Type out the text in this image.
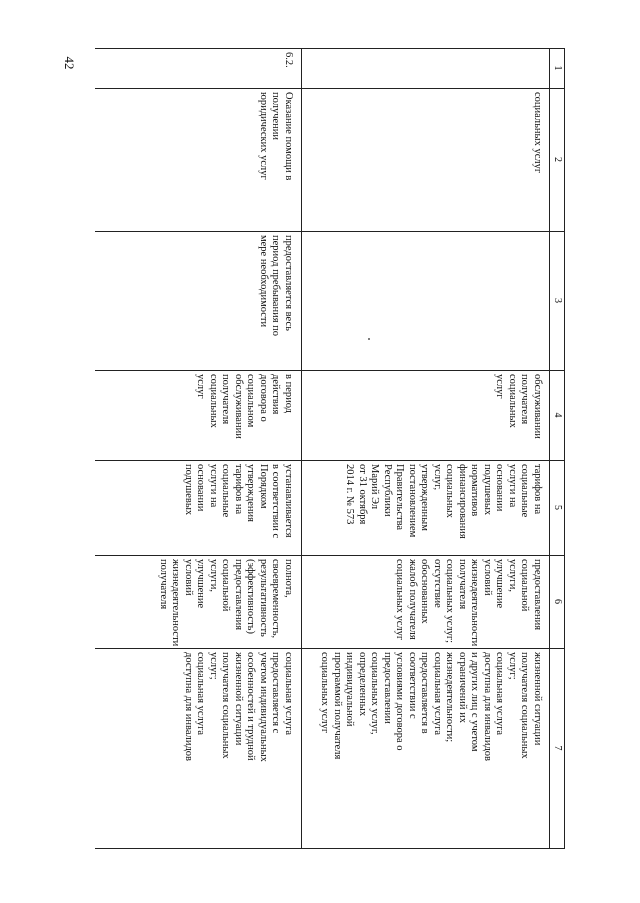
42	1
2
3
4
5
6
7
социальных услуг
обслуживании
получателя
социальных
услуг
тарифов на
социальные
услуги на
основании
подушевых
нормативов
финансирования
социальных
услуг,
утвержденным
постановлением
Правительства
Республики
Марий Эл
от 31 октября
2014 г. № 573
предоставления
социальной услуги,
улучшение условий
жизнедеятельности
получателя
социальных услуг;
отсутствие
обоснованных
жалоб получателя
социальных услуг
жизненной ситуации
получателя социальных
услуг;
социальная услуга
доступна для инвалидов
и других лиц с учетом
ограничений их
жизнедеятельности;
социальная услуга
предоставляется в
соответствии с
условиями договора о
предоставлении
социальных услуг,
определенных
индивидуальной
программой получателя
социальных услуг
6.2.
Оказание помощи в
получении
юридических услуг
предоставляется весь
период пребывания по
мере необходимости
в период
действия
договора о
социальном
обслуживании
получателя
социальных
услуг
устанавливается
в соответствии с
Порядком
утверждения
тарифов на
социальные
услуги на
основании
подушевых
полнота,
своевременность,
результативность
(эффективность)
предоставления
социальной услуги,
улучшение условий
жизнедеятельности
получателя
социальная услуга
предоставляется с
учетом индивидуальных
особенностей и трудной
жизненной ситуации
получателя социальных
услуг;
социальная услуга
доступна для инвалидов
